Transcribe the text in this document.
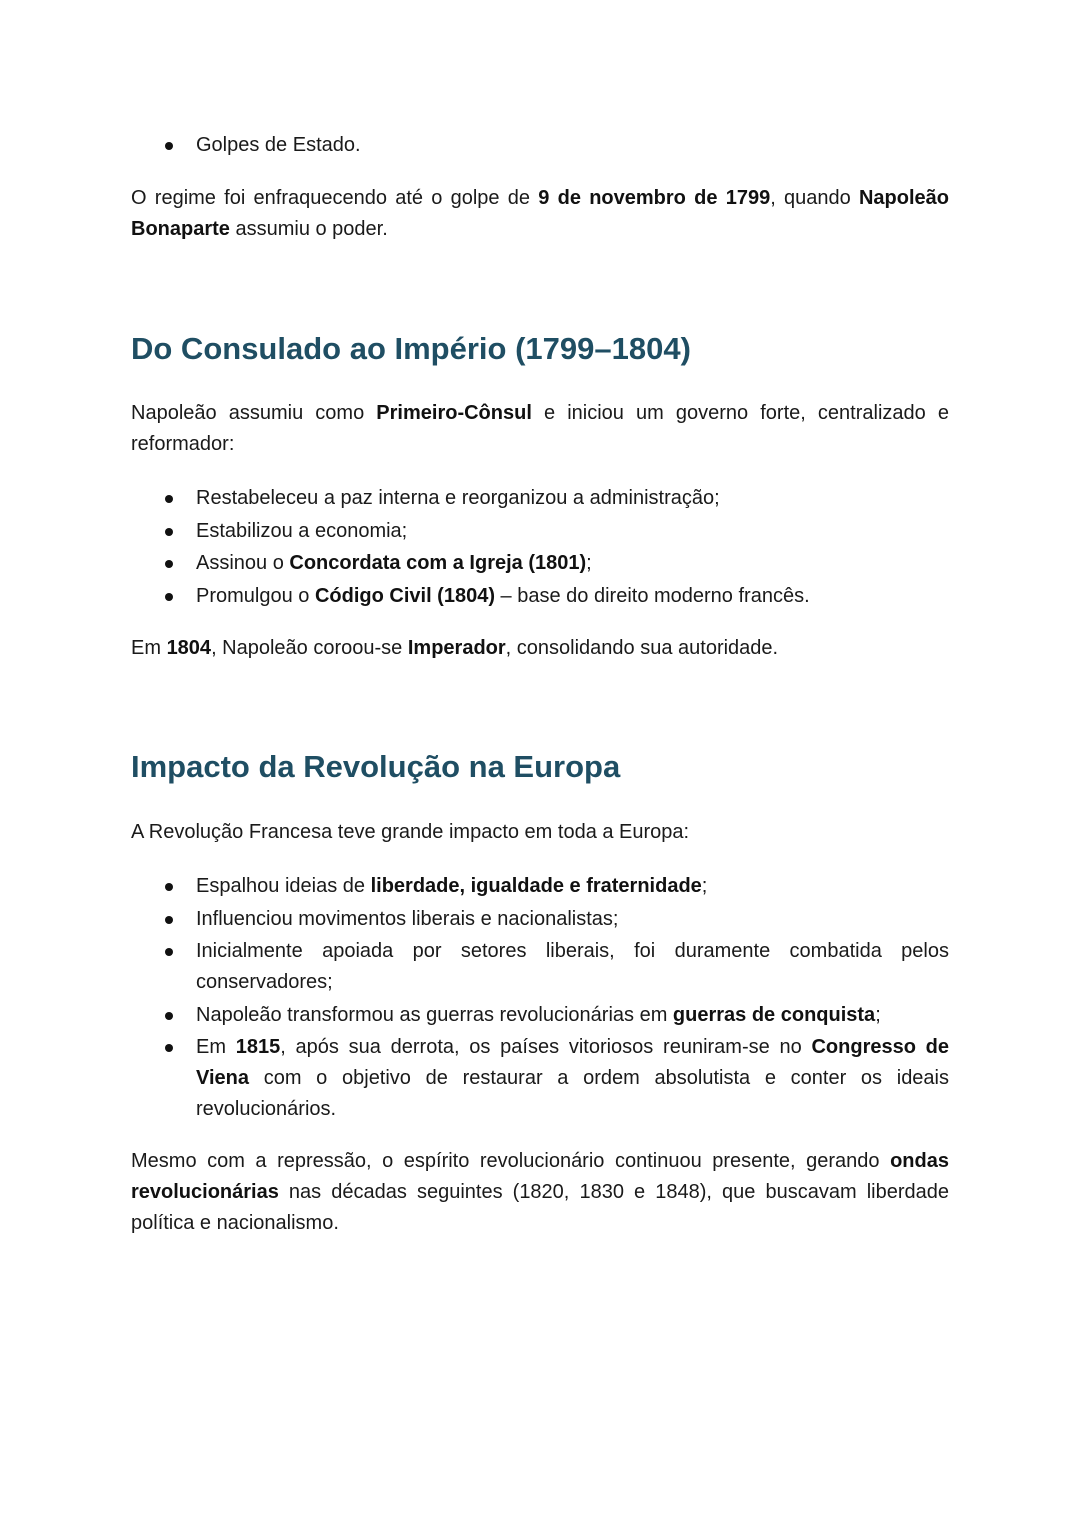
Golpes de Estado.

O regime foi enfraquecendo até o golpe de 9 de novembro de 1799, quando Napoleão Bonaparte assumiu o poder.

Do Consulado ao Império (1799–1804)

Napoleão assumiu como Primeiro-Cônsul e iniciou um governo forte, centralizado e reformador:

Restabeleceu a paz interna e reorganizou a administração;
Estabilizou a economia;
Assinou o Concordata com a Igreja (1801);
Promulgou o Código Civil (1804) – base do direito moderno francês.

Em 1804, Napoleão coroou-se Imperador, consolidando sua autoridade.

Impacto da Revolução na Europa

A Revolução Francesa teve grande impacto em toda a Europa:

Espalhou ideias de liberdade, igualdade e fraternidade;
Influenciou movimentos liberais e nacionalistas;
Inicialmente apoiada por setores liberais, foi duramente combatida pelos conservadores;
Napoleão transformou as guerras revolucionárias em guerras de conquista;
Em 1815, após sua derrota, os países vitoriosos reuniram-se no Congresso de Viena com o objetivo de restaurar a ordem absolutista e conter os ideais revolucionários.

Mesmo com a repressão, o espírito revolucionário continuou presente, gerando ondas revolucionárias nas décadas seguintes (1820, 1830 e 1848), que buscavam liberdade política e nacionalismo.
